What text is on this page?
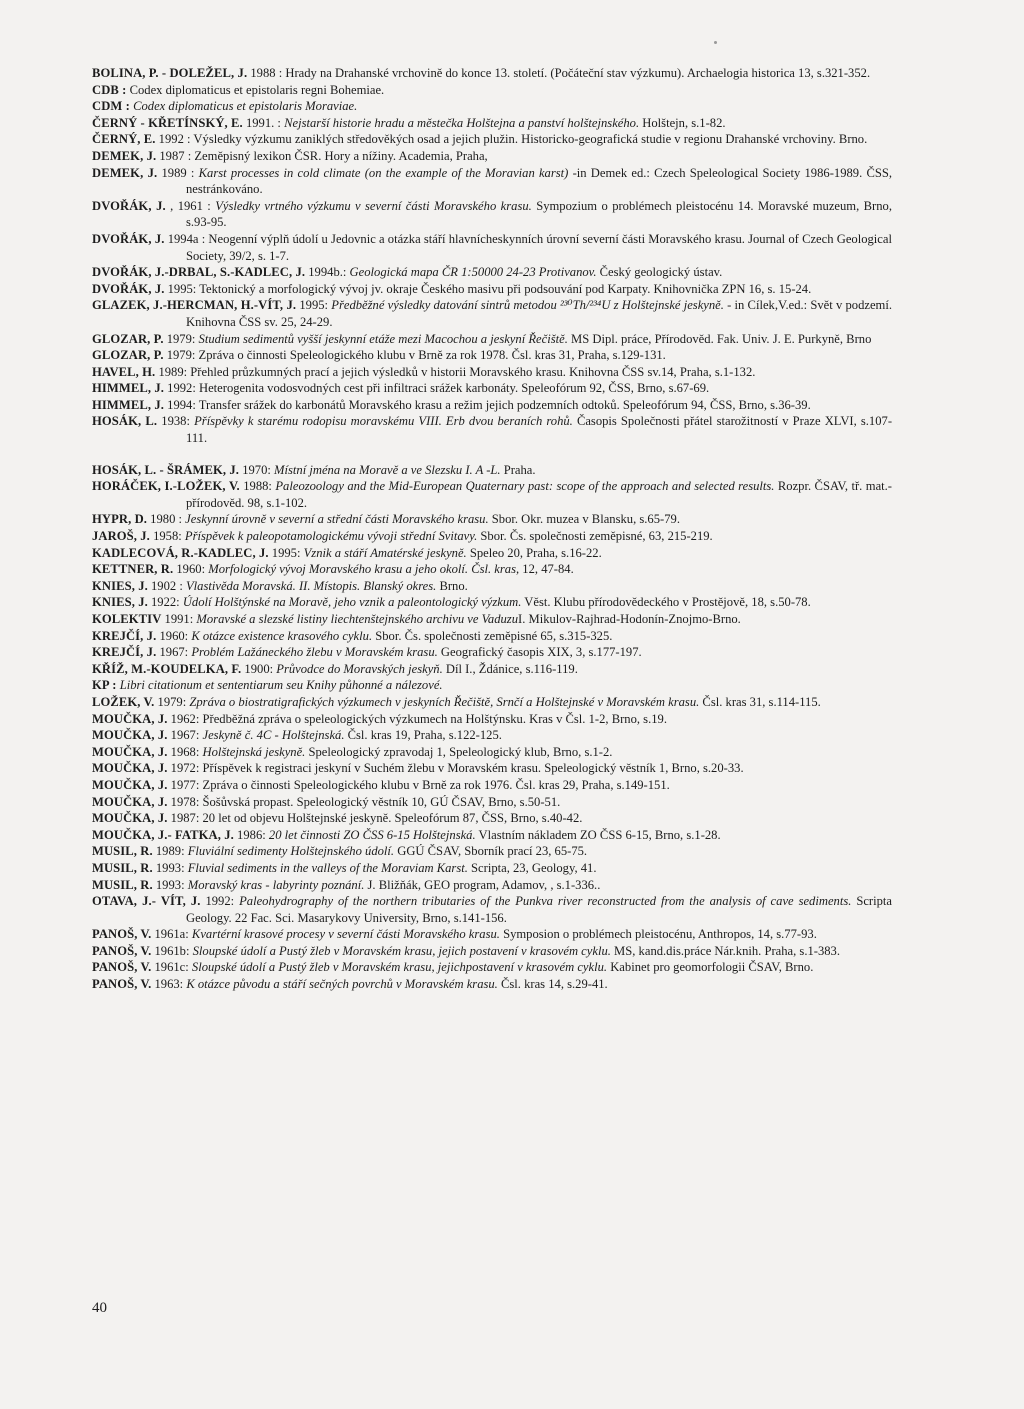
BOLINA, P. - DOLEŽEL, J. 1988 : Hrady na Drahanské vrchovině do konce 13. století. (Počáteční stav výzkumu). Archaelogia historica 13, s.321-352.

CDB : Codex diplomaticus et epistolaris regni Bohemiae.

CDM : Codex diplomaticus et epistolaris Moraviae.

ČERNÝ - KŘETÍNSKÝ, E. 1991. : Nejstarší historie hradu a městečka Holštejna a panství holštejnského. Holštejn, s.1-82.

ČERNÝ, E. 1992 : Výsledky výzkumu zaniklých středověkých osad a jejich plužin. Historicko-geografická studie v regionu Drahanské vrchoviny. Brno.

DEMEK, J. 1987 : Zeměpisný lexikon ČSR. Hory a nížiny. Academia, Praha,

DEMEK, J. 1989 : Karst processes in cold climate (on the example of the Moravian karst) -in Demek ed.: Czech Speleological Society 1986-1989. ČSS, nestránkováno.

DVOŘÁK, J. , 1961 : Výsledky vrtného výzkumu v severní části Moravského krasu. Sympozium o problémech pleistocénu 14. Moravské muzeum, Brno, s.93-95.

DVOŘÁK, J. 1994a : Neogenní výplň údolí u Jedovnic a otázka stáří hlavnícheskynních úrovní severní části Moravského krasu. Journal of Czech Geological Society, 39/2, s. 1-7.

DVOŘÁK, J.-DRBAL, S.-KADLEC, J. 1994b.: Geologická mapa ČR 1:50000 24-23 Protivanov. Český geologický ústav.

DVOŘÁK, J. 1995: Tektonický a morfologický vývoj jv. okraje Českého masivu při podsouvání pod Karpaty. Knihovnička ZPN 16, s. 15-24.

GLAZEK, J.-HERCMAN, H.-VÍT, J. 1995: Předběžné výsledky datování sintrů metodou ²³⁰Th/²³⁴U z Holštejnské jeskyně. - in Cílek,V.ed.: Svět v podzemí. Knihovna ČSS sv. 25, 24-29.

GLOZAR, P. 1979: Studium sedimentů vyšší jeskynní etáže mezi Macochou a jeskyní Řečiště. MS Dipl. práce, Přírodověd. Fak. Univ. J. E. Purkyně, Brno

GLOZAR, P. 1979: Zpráva o činnosti Speleologického klubu v Brně za rok 1978. Čsl. kras 31, Praha, s.129-131.

HAVEL, H. 1989: Přehled průzkumných prací a jejich výsledků v historii Moravského krasu. Knihovna ČSS sv.14, Praha, s.1-132.

HIMMEL, J. 1992: Heterogenita vodosvodných cest při infiltraci srážek karbonáty. Speleofórum 92, ČSS, Brno, s.67-69.

HIMMEL, J. 1994: Transfer srážek do karbonátů Moravského krasu a režim jejich podzemních odtoků. Speleofórum 94, ČSS, Brno, s.36-39.

HOSÁK, L. 1938: Příspěvky k starému rodopisu moravskému VIII. Erb dvou beraních rohů. Časopis Společnosti přátel starožitností v Praze XLVI, s.107-111.

HOSÁK, L. - ŠRÁMEK, J. 1970: Místní jména na Moravě a ve Slezsku I. A -L. Praha.

HORÁČEK, I.-LOŽEK, V. 1988: Paleozoology and the Mid-European Quaternary past: scope of the approach and selected results. Rozpr. ČSAV, tř. mat.-přírodověd. 98, s.1-102.

HYPR, D. 1980 : Jeskynní úrovně v severní a střední části Moravského krasu. Sbor. Okr. muzea v Blansku, s.65-79.

JAROŠ, J. 1958: Příspěvek k paleopotamologickému vývoji střední Svitavy. Sbor. Čs. společnosti zeměpisné, 63, 215-219.

KADLECOVÁ, R.-KADLEC, J. 1995: Vznik a stáří Amatérské jeskyně. Speleo 20, Praha, s.16-22.

KETTNER, R. 1960: Morfologický vývoj Moravského krasu a jeho okolí. Čsl. kras, 12, 47-84.

KNIES, J. 1902 : Vlastivěda Moravská. II. Místopis. Blanský okres. Brno.

KNIES, J. 1922: Údolí Holštýnské na Moravě, jeho vznik a paleontologický výzkum. Věst. Klubu přírodovědeckého v Prostějově, 18, s.50-78.

KOLEKTIV 1991: Moravské a slezské listiny liechtenštejnského archivu ve VaduzuI. Mikulov-Rajhrad-Hodonín-Znojmo-Brno.

KREJČÍ, J. 1960: K otázce existence krasového cyklu. Sbor. Čs. společnosti zeměpisné 65, s.315-325.

KREJČÍ, J. 1967: Problém Lažáneckého žlebu v Moravském krasu. Geografický časopis XIX, 3, s.177-197.

KŘÍŽ, M.-KOUDELKA, F. 1900: Průvodce do Moravských jeskyň. Díl I., Ždánice, s.116-119.

KP : Libri citationum et sententiarum seu Knihy půhonné a nálezové.

LOŽEK, V. 1979: Zpráva o biostratigrafických výzkumech v jeskyních Řečiště, Srnčí a Holštejnské v Moravském krasu. Čsl. kras 31, s.114-115.

MOUČKA, J. 1962: Předběžná zpráva o speleologických výzkumech na Holštýnsku. Kras v Čsl. 1-2, Brno, s.19.

MOUČKA, J. 1967: Jeskyně č. 4C - Holštejnská. Čsl. kras 19, Praha, s.122-125.

MOUČKA, J. 1968: Holštejnská jeskyně. Speleologický zpravodaj 1, Speleologický klub, Brno, s.1-2.

MOUČKA, J. 1972: Příspěvek k registraci jeskyní v Suchém žlebu v Moravském krasu. Speleologický věstník 1, Brno, s.20-33.

MOUČKA, J. 1977: Zpráva o činnosti Speleologického klubu v Brně za rok 1976. Čsl. kras 29, Praha, s.149-151.

MOUČKA, J. 1978: Šošůvská propast. Speleologický věstník 10, GÚ ČSAV, Brno, s.50-51.

MOUČKA, J. 1987: 20 let od objevu Holštejnské jeskyně. Speleofórum 87, ČSS, Brno, s.40-42.

MOUČKA, J.- FATKA, J. 1986: 20 let činnosti ZO ČSS 6-15 Holštejnská. Vlastním nákladem ZO ČSS 6-15, Brno, s.1-28.

MUSIL, R. 1989: Fluviální sedimenty Holštejnského údolí. GGÚ ČSAV, Sborník prací 23, 65-75.

MUSIL, R. 1993: Fluvial sediments in the valleys of the Moraviam Karst. Scripta, 23, Geology, 41.

MUSIL, R. 1993: Moravský kras - labyrinty poznání. J. Bližňák, GEO program, Adamov, , s.1-336..

OTAVA, J.- VÍT, J. 1992: Paleohydrography of the northern tributaries of the Punkva river reconstructed from the analysis of cave sediments. Scripta Geology. 22 Fac. Sci. Masarykovy University, Brno, s.141-156.

PANOŠ, V. 1961a: Kvartérní krasové procesy v severní části Moravského krasu. Symposion o problémech pleistocénu, Anthropos, 14, s.77-93.

PANOŠ, V. 1961b: Sloupské údolí a Pustý žleb v Moravském krasu, jejich postavení v krasovém cyklu. MS, kand.dis.práce Nár.knih. Praha, s.1-383.

PANOŠ, V. 1961c: Sloupské údolí a Pustý žleb v Moravském krasu, jejichpostavení v krasovém cyklu. Kabinet pro geomorfologii ČSAV, Brno.

PANOŠ, V. 1963: K otázce původu a stáří sečných povrchů v Moravském krasu. Čsl. kras 14, s.29-41.

40
